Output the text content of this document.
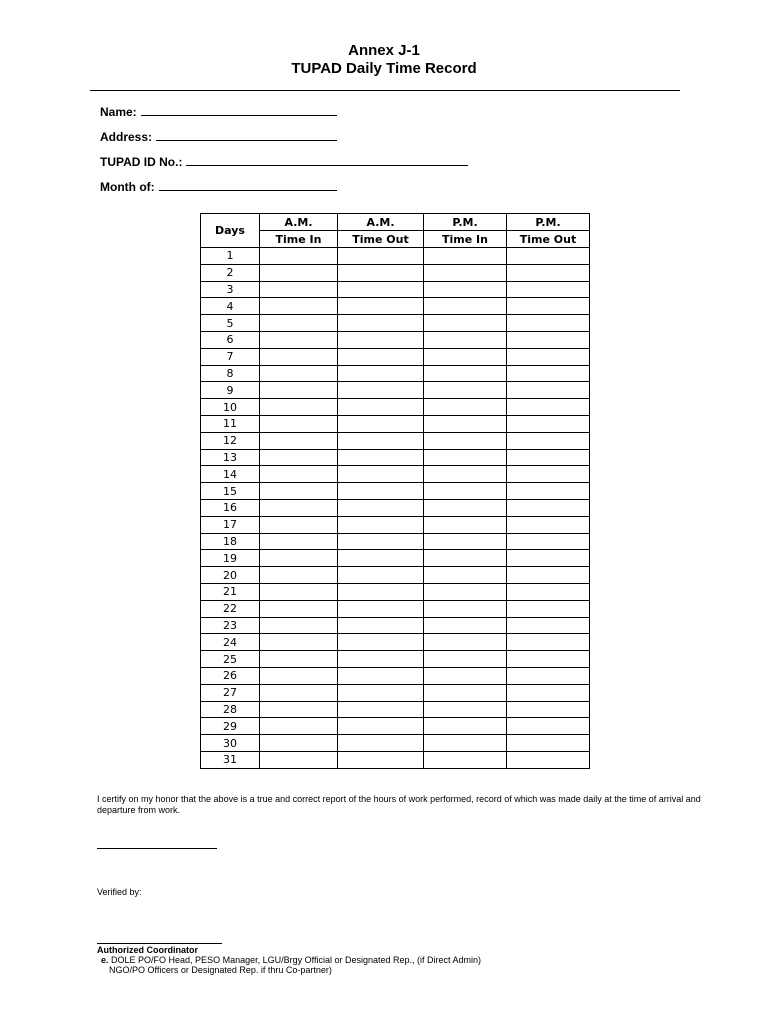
Annex J-1
TUPAD Daily Time Record
Name:
Address:
TUPAD ID No.:
Month of:
Days	A.M.	A.M.	P.M.	P.M.
	Time In	Time Out	Time In	Time Out
1				
2				
3				
4				
5				
6				
7				
8				
9				
10				
11				
12				
13				
14				
15				
16				
17				
18				
19				
20				
21				
22				
23				
24				
25				
26				
27				
28				
29				
30				
31				
I certify on my honor that the above is a true and correct report of the hours of work performed, record of which was made daily at the time of arrival and departure from work.
Verified by:
Authorized Coordinator
e. DOLE PO/FO Head, PESO Manager, LGU/Brgy Official or Designated Rep., (if Direct Admin)
NGO/PO Officers or Designated Rep. if thru Co-partner)
